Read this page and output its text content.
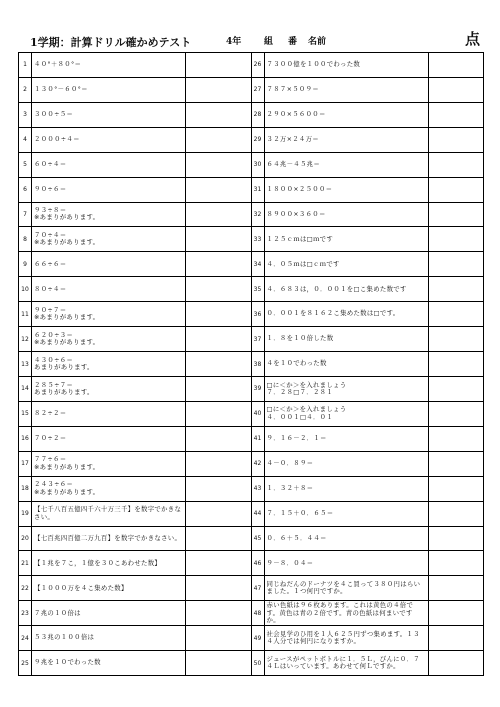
1学期：計算ドリル確かめテスト	4年	組 番 名前	点
1	４０°＋８０°＝
2	１３０°－６０°＝
3	３００÷５＝
4	２０００÷４＝
5	６０÷４＝
6	９０÷６＝
7
９３÷８＝
※あまりがあります。
8
７０÷４＝
※あまりがあります。
9	６６÷６＝
10 ８０÷４＝
11
９０÷７＝
※あまりがあります。
12
６２０÷３＝
※あまりがあります。
13
４３０÷６＝
あまりがあります。
14
２８５÷７＝
あまりがあります。
15 ８２÷２＝
16 ７０÷２＝
17
７７÷６＝
※あまりがあります。
18
２４３÷６＝
※あまりがあります。
19
【七千八百五億四千六十万三千】を数字でかきなさい。
20 【七百兆四百億二万九百】を数字でかきなさい。
21 【１兆を７こ，１億を３０こあわせた数】
22 【１０００万を４こ集めた数】
23 ７兆の１０倍は
24 ５３兆の１００倍は
25 ９兆を１０でわった数
26 ７３００億を１００でわった数
27 ７８７×５０９＝
28 ２９０×５６００＝
29 ３２万×２４万＝
30 ６４兆－４５兆＝
31 １８００×２５００＝
32 ８９００×３６０＝
33 １２５ｃｍは□ｍです
34 ４．０５ｍは□ｃｍです
35 ４．６８３は，０．００１を□こ集めた数です
36 ０．００１を８１６２こ集めた数は□です。
37 １．８を１０倍した数
38 ４を１０でわった数
39
□に＜か＞を入れましょう
７．２８□７．２８１
40
□に＜か＞を入れましょう
４．００１□４．０１
41 ９．１６－２．１＝
42 ４－０．８９＝
43 １．３２＋８＝
44 ７．１５＋０．６５＝
45 ０．６＋５．４４＝
46 ９－８．０４＝
47
同じねだんのドーナツを４こ買って３８０円はらいました。１つ何円ですか。
48
赤い色紙は９６枚あります。これは黄色の４倍です。黄色は青の２倍です。青の色紙は何まいですか。
49
社会見学のひ用を１人６２５円ずつ集めます。１３４人分では何円になりますか。
50
ジュースがペットボトルに１．５Ｌ，びんに０．７４Ｌはいっています。あわせて何Ｌですか。
